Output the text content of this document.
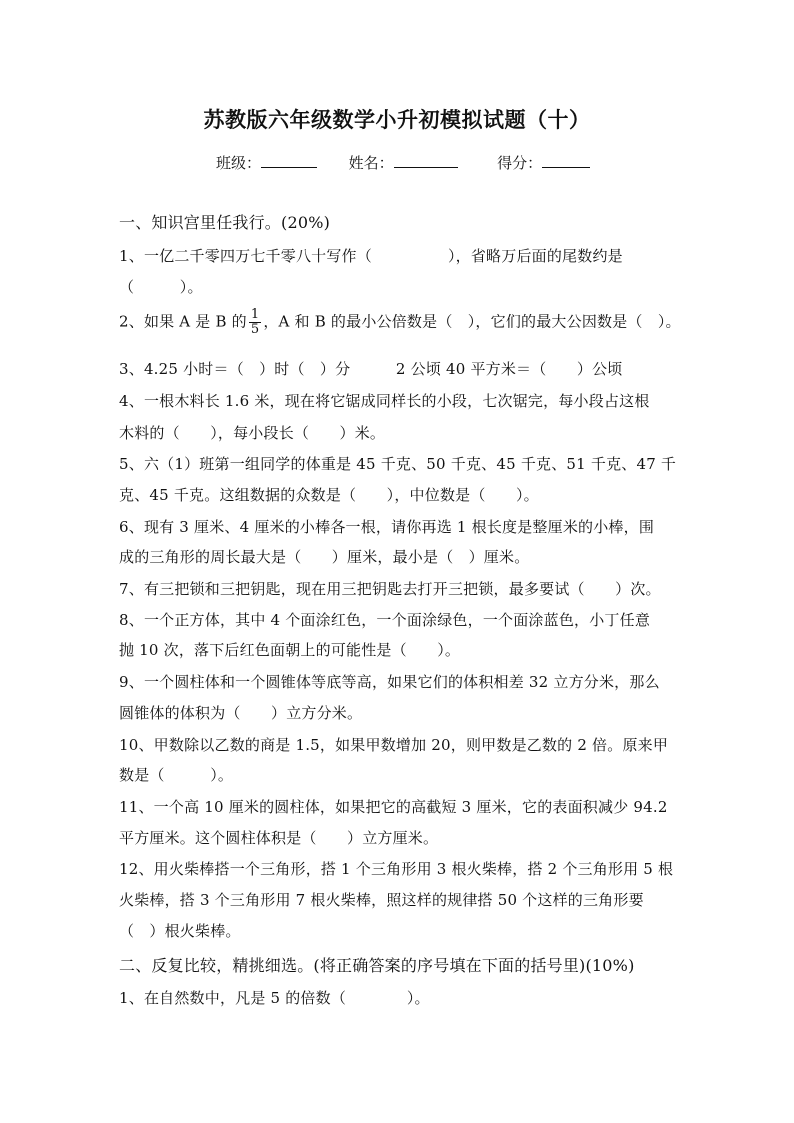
苏教版六年级数学小升初模拟试题（十）
班级：	姓名：	得分：
一、知识宫里任我行。(20%)
1、一亿二千零四万七千零八十写作（　　　　　），省略万后面的尾数约是
（　　　）。
2、如果 A 是 B 的 $\frac{1}{5}$ ，A 和 B 的最小公倍数是（　），它们的最大公因数是（　）。
3、4.25 小时＝（　）时（　）分　　　2 公顷 40 平方米＝（　　）公顷
4、一根木料长 1.6 米，现在将它锯成同样长的小段，七次锯完，每小段占这根
木料的（　　），每小段长（　　）米。
5、六（1）班第一组同学的体重是 45 千克、50 千克、45 千克、51 千克、47 千
克、45 千克。这组数据的众数是（　　），中位数是（　　）。
6、现有 3 厘米、4 厘米的小棒各一根，请你再选 1 根长度是整厘米的小棒，围
成的三角形的周长最大是（　　）厘米，最小是（　）厘米。
7、有三把锁和三把钥匙，现在用三把钥匙去打开三把锁，最多要试（　　）次。
8、一个正方体，其中 4 个面涂红色，一个面涂绿色，一个面涂蓝色，小丁任意
抛 10 次，落下后红色面朝上的可能性是（　　）。
9、一个圆柱体和一个圆锥体等底等高，如果它们的体积相差 32 立方分米，那么
圆锥体的体积为（　　）立方分米。
10、甲数除以乙数的商是 1.5，如果甲数增加 20，则甲数是乙数的 2 倍。原来甲
数是（　　　）。
11、一个高 10 厘米的圆柱体，如果把它的高截短 3 厘米，它的表面积减少 94.2
平方厘米。这个圆柱体积是（　　）立方厘米。
12、用火柴棒搭一个三角形，搭 1 个三角形用 3 根火柴棒，搭 2 个三角形用 5 根
火柴棒，搭 3 个三角形用 7 根火柴棒，照这样的规律搭 50 个这样的三角形要
（　）根火柴棒。
二、反复比较，精挑细选。(将正确答案的序号填在下面的括号里)(10%)
1、在自然数中，凡是 5 的倍数（　　　　）。
